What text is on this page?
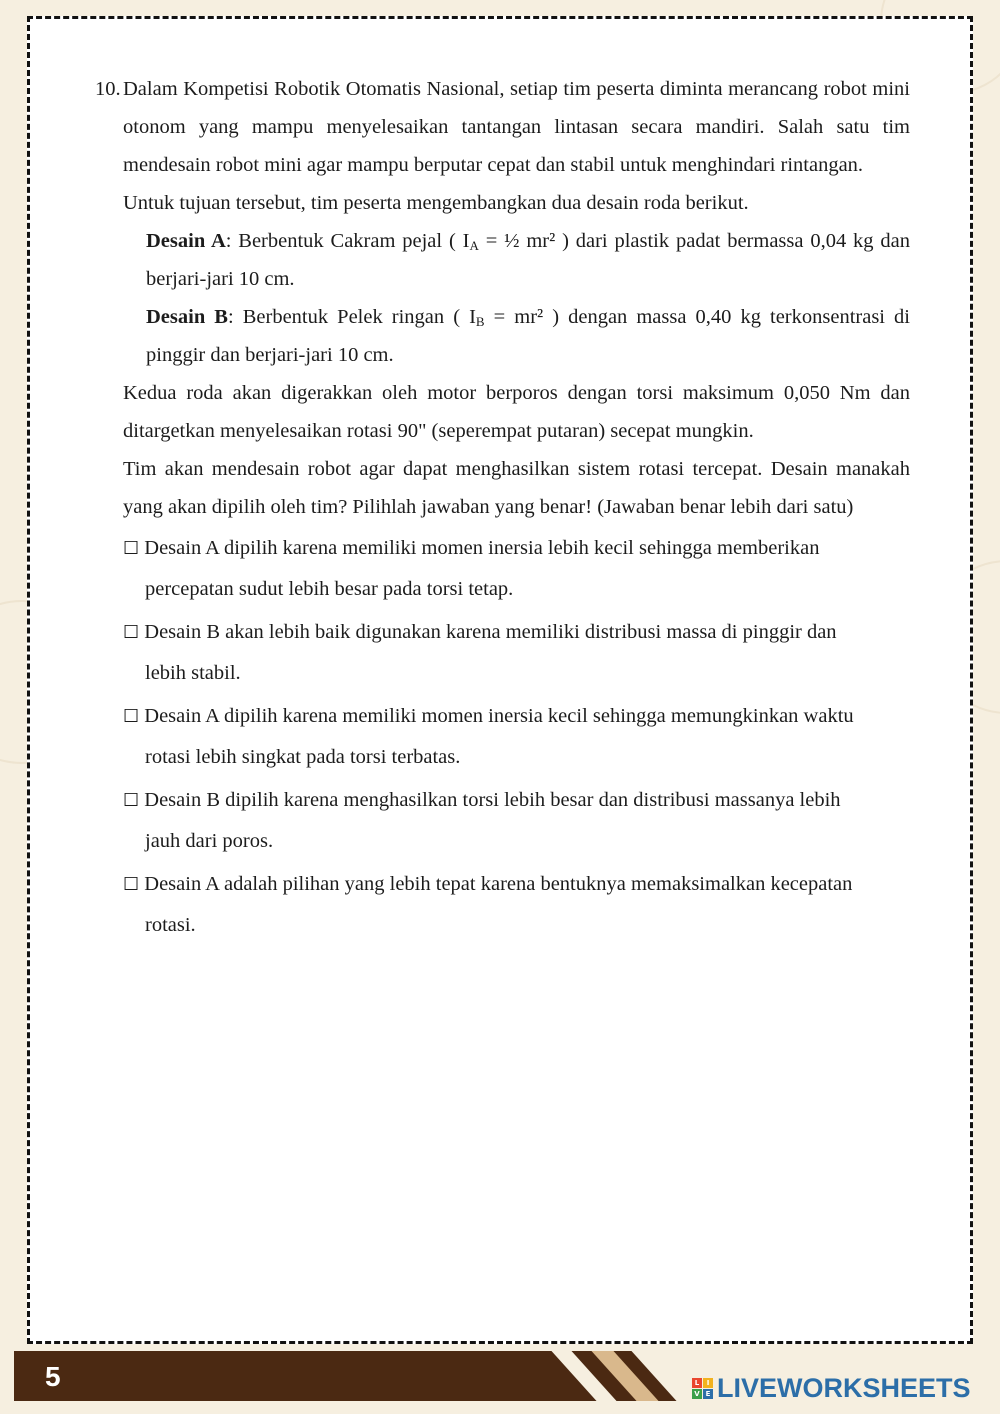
10. Dalam Kompetisi Robotik Otomatis Nasional, setiap tim peserta diminta merancang robot mini otonom yang mampu menyelesaikan tantangan lintasan secara mandiri. Salah satu tim mendesain robot mini agar mampu berputar cepat dan stabil untuk menghindari rintangan.
Untuk tujuan tersebut, tim peserta mengembangkan dua desain roda berikut.
Desain A: Berbentuk Cakram pejal ( $I_A$ = ½ mr² ) dari plastik padat bermassa 0,04 kg dan berjari-jari 10 cm.
Desain B: Berbentuk Pelek ringan ( $I_B = mr^2$ ) dengan massa 0,40 kg terkonsentrasi di pinggir dan berjari-jari 10 cm.
Kedua roda akan digerakkan oleh motor berporos dengan torsi maksimum 0,050 Nm dan ditargetkan menyelesaikan rotasi 90" (seperempat putaran) secepat mungkin.
Tim akan mendesain robot agar dapat menghasilkan sistem rotasi tercepat. Desain manakah yang akan dipilih oleh tim? Pilihlah jawaban yang benar! (Jawaban benar lebih dari satu)
☐ Desain A dipilih karena memiliki momen inersia lebih kecil sehingga memberikan
percepatan sudut lebih besar pada torsi tetap.
☐ Desain B akan lebih baik digunakan karena memiliki distribusi massa di pinggir dan
lebih stabil.
☐ Desain A dipilih karena memiliki momen inersia kecil sehingga memungkinkan waktu
rotasi lebih singkat pada torsi terbatas.
☐ Desain B dipilih karena menghasilkan torsi lebih besar dan distribusi massanya lebih
jauh dari poros.
☐ Desain A adalah pilihan yang lebih tepat karena bentuknya memaksimalkan kecepatan
rotasi.
5	L	I
V E LIVEWORKSHEETS
